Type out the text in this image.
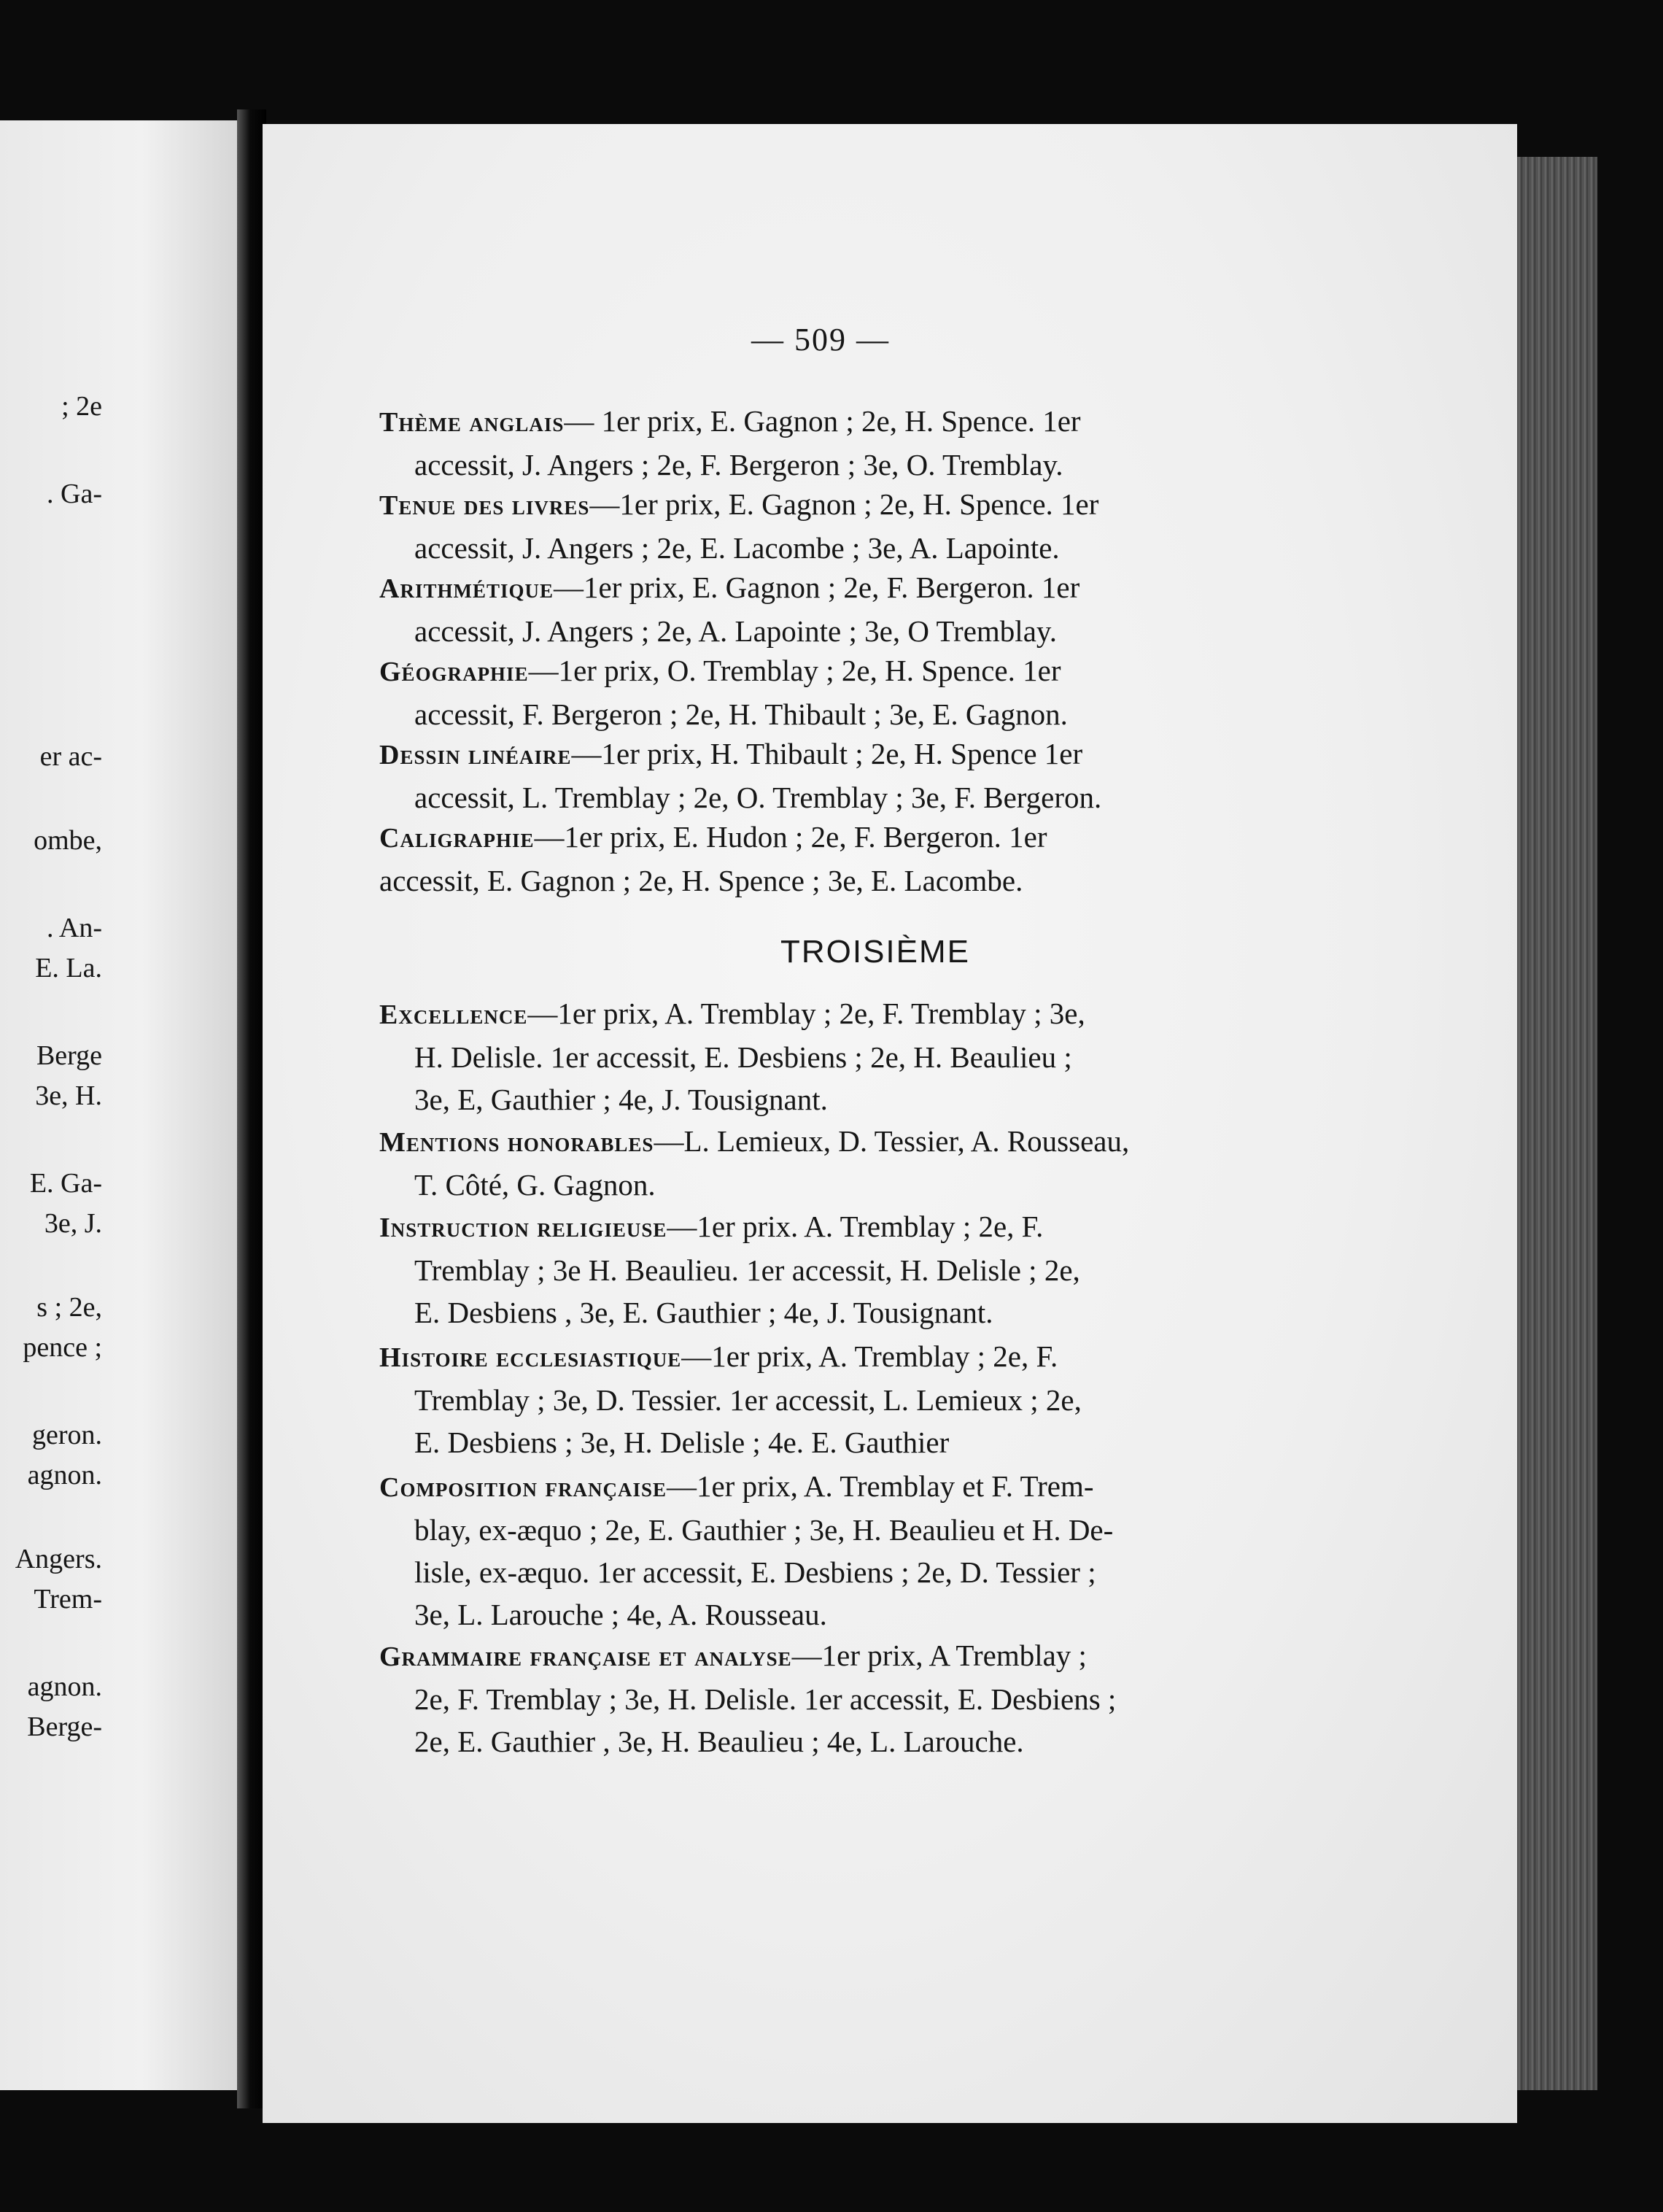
; 2e
. Ga-
er ac-
ombe,
. An-
E. La.
Berge
3e, H.
E. Ga-
3e, J.
s ; 2e,
pence ;
geron.
agnon.
Angers.
Trem-
agnon.
Berge-
— 509 —
Thème anglais— 1er prix, E. Gagnon ; 2e, H. Spence. 1er
accessit, J. Angers ; 2e, F. Bergeron ; 3e, O. Tremblay.
Tenue des livres—1er prix, E. Gagnon ; 2e, H. Spence. 1er
accessit, J. Angers ; 2e, E. Lacombe ; 3e, A. Lapointe.
Arithmétique—1er prix, E. Gagnon ; 2e, F. Bergeron. 1er
accessit, J. Angers ; 2e, A. Lapointe ; 3e, O Tremblay.
Géographie—1er prix, O. Tremblay ; 2e, H. Spence. 1er
accessit, F. Bergeron ; 2e, H. Thibault ; 3e, E. Gagnon.
Dessin linéaire—1er prix, H. Thibault ; 2e, H. Spence 1er
accessit, L. Tremblay ; 2e, O. Tremblay ; 3e, F. Bergeron.
Caligraphie—1er prix, E. Hudon ; 2e, F. Bergeron. 1er
accessit, E. Gagnon ; 2e, H. Spence ; 3e, E. Lacombe.
TROISIÈME
Excellence—1er prix, A. Tremblay ; 2e, F. Tremblay ; 3e,
H. Delisle. 1er accessit, E. Desbiens ; 2e, H. Beaulieu ;
3e, E, Gauthier ; 4e, J. Tousignant.
Mentions honorables—L. Lemieux, D. Tessier, A. Rousseau,
T. Côté, G. Gagnon.
Instruction religieuse—1er prix. A. Tremblay ; 2e, F.
Tremblay ; 3e H. Beaulieu. 1er accessit, H. Delisle ; 2e,
E. Desbiens , 3e, E. Gauthier ; 4e, J. Tousignant.
Histoire ecclesiastique—1er prix, A. Tremblay ; 2e, F.
Tremblay ; 3e, D. Tessier. 1er accessit, L. Lemieux ; 2e,
E. Desbiens ; 3e, H. Delisle ; 4e. E. Gauthier
Composition française—1er prix, A. Tremblay et F. Trem-
blay, ex-æquo ; 2e, E. Gauthier ; 3e, H. Beaulieu et H. De-
lisle, ex-æquo. 1er accessit, E. Desbiens ; 2e, D. Tessier ;
3e, L. Larouche ; 4e, A. Rousseau.
Grammaire française et analyse—1er prix, A Tremblay ;
2e, F. Tremblay ; 3e, H. Delisle. 1er accessit, E. Desbiens ;
2e, E. Gauthier , 3e, H. Beaulieu ; 4e, L. Larouche.
